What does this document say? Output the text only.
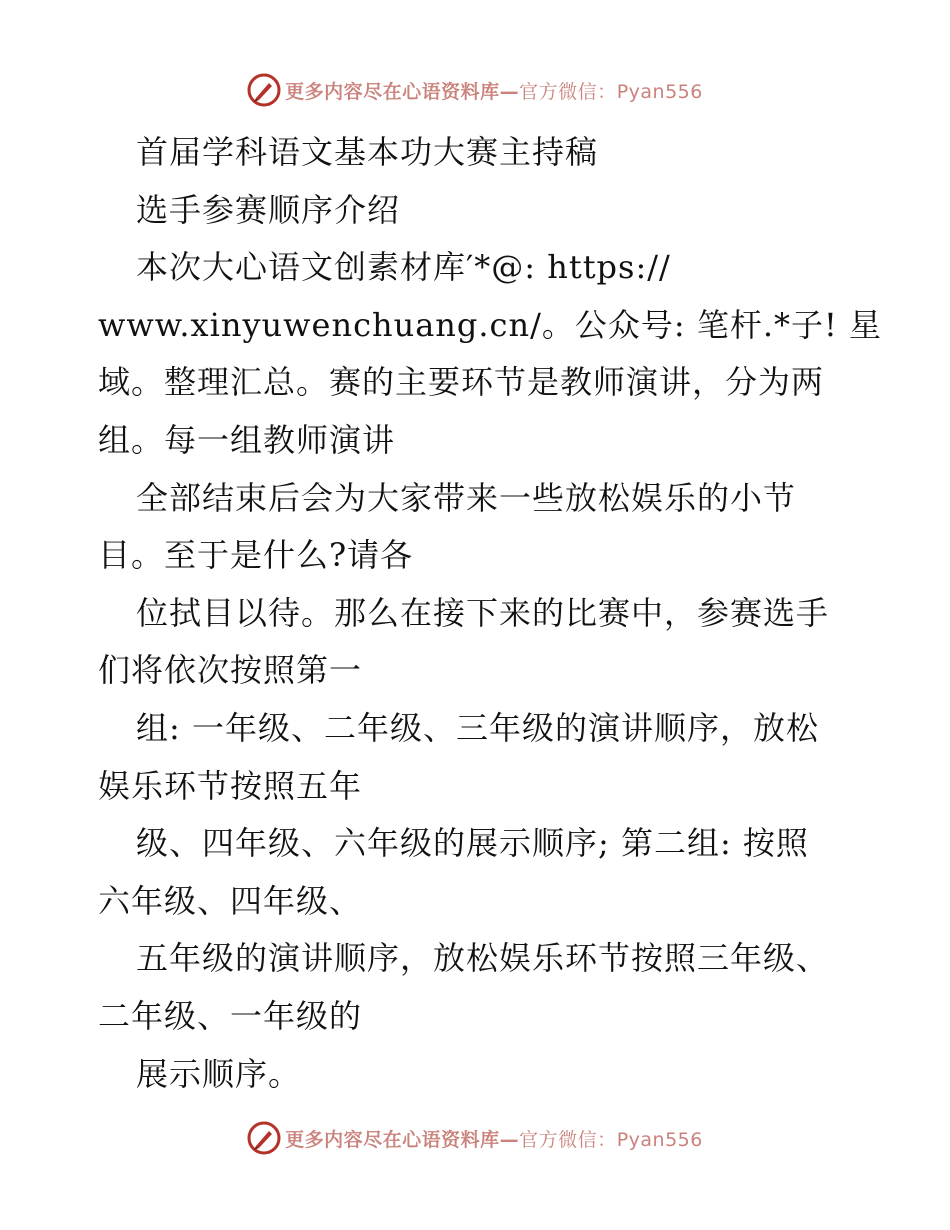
更多内容尽在心语资料库—官方微信：Pyan556
首届学科语文基本功大赛主持稿
选手参赛顺序介绍
本次大心语文创素材库′*@: https://
www.xinyuwenchuang.cn/。公众号: 笔杆.*子! 星
域。整理汇总。赛的主要环节是教师演讲，分为两
组。每一组教师演讲
全部结束后会为大家带来一些放松娱乐的小节
目。至于是什么?请各
位拭目以待。那么在接下来的比赛中，参赛选手
们将依次按照第一
组: 一年级、二年级、三年级的演讲顺序，放松
娱乐环节按照五年
级、四年级、六年级的展示顺序; 第二组: 按照
六年级、四年级、
五年级的演讲顺序，放松娱乐环节按照三年级、
二年级、一年级的
展示顺序。
更多内容尽在心语资料库—官方微信：Pyan556
